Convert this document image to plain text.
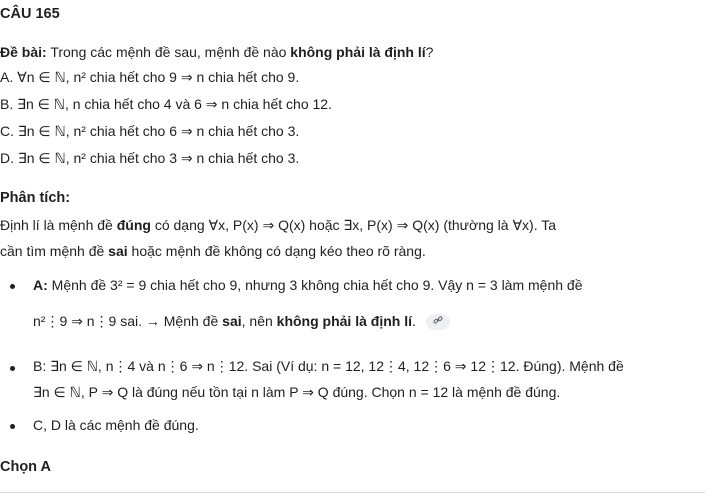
CÂU 165
Đề bài: Trong các mệnh đề sau, mệnh đề nào không phải là định lí?
A. ∀n ∈ ℕ, n² chia hết cho 9 ⇒ n chia hết cho 9.
B. ∃n ∈ ℕ, n chia hết cho 4 và 6 ⇒ n chia hết cho 12.
C. ∃n ∈ ℕ, n² chia hết cho 6 ⇒ n chia hết cho 3.
D. ∃n ∈ ℕ, n² chia hết cho 3 ⇒ n chia hết cho 3.
Phân tích:
Định lí là mệnh đề đúng có dạng ∀x, P(x) ⇒ Q(x) hoặc ∃x, P(x) ⇒ Q(x) (thường là ∀x). Ta
cần tìm mệnh đề sai hoặc mệnh đề không có dạng kéo theo rõ ràng.
A: Mệnh đề 3² = 9 chia hết cho 9, nhưng 3 không chia hết cho 9. Vậy n = 3 làm mệnh đề
n²⋮9 ⇒ n⋮9 sai. → Mệnh đề sai, nên không phải là định lí.
B: ∃n ∈ ℕ, n⋮4 và n⋮6 ⇒ n⋮12. Sai (Ví dụ: n = 12, 12⋮4, 12⋮6 ⇒ 12⋮12. Đúng). Mệnh đề
∃n ∈ ℕ, P ⇒ Q là đúng nếu tồn tại n làm P ⇒ Q đúng. Chọn n = 12 là mệnh đề đúng.
C, D là các mệnh đề đúng.
Chọn A
